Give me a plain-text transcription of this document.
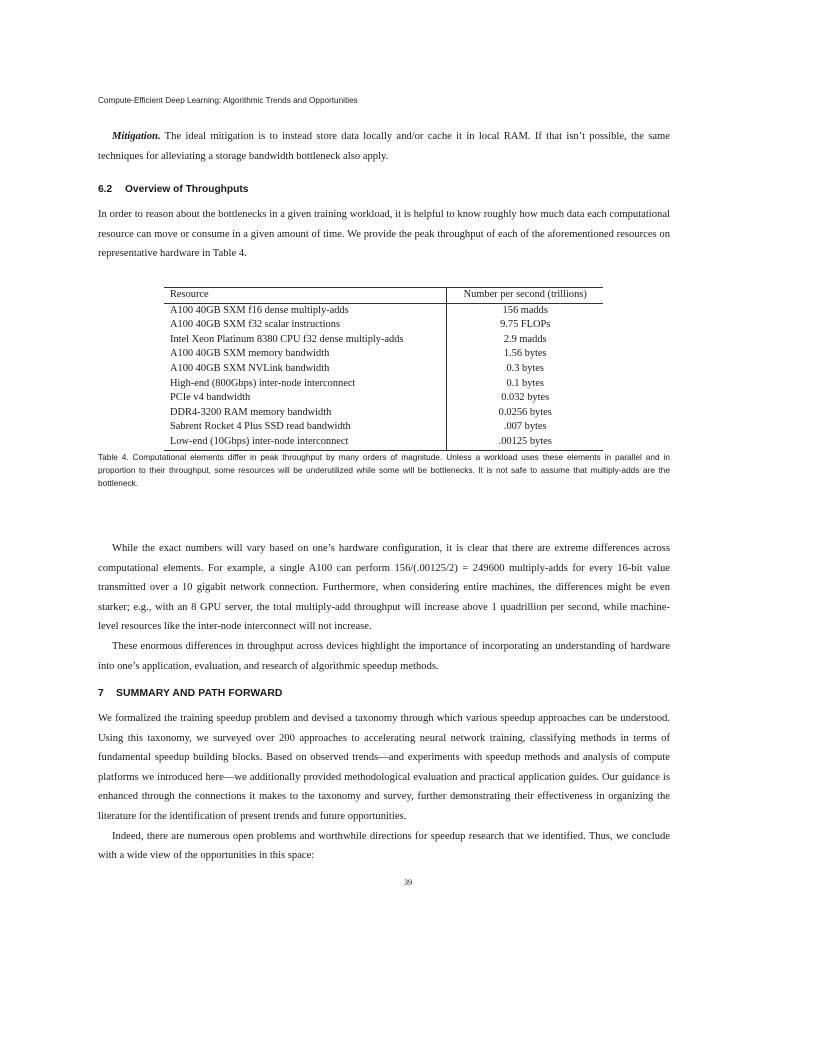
Compute-Efficient Deep Learning: Algorithmic Trends and Opportunities

Mitigation. The ideal mitigation is to instead store data locally and/or cache it in local RAM. If that isn’t possible, the same techniques for alleviating a storage bandwidth bottleneck also apply.

6.2 Overview of Throughputs

In order to reason about the bottlenecks in a given training workload, it is helpful to know roughly how much data each computational resource can move or consume in a given amount of time. We provide the peak throughput of each of the aforementioned resources on representative hardware in Table 4.

Resource	Number per second (trillions)
A100 40GB SXM f16 dense multiply-adds	156 madds
A100 40GB SXM f32 scalar instructions	9.75 FLOPs
Intel Xeon Platinum 8380 CPU f32 dense multiply-adds	2.9 madds
A100 40GB SXM memory bandwidth	1.56 bytes
A100 40GB SXM NVLink bandwidth	0.3 bytes
High-end (800Gbps) inter-node interconnect	0.1 bytes
PCIe v4 bandwidth	0.032 bytes
DDR4-3200 RAM memory bandwidth	0.0256 bytes
Sabrent Rocket 4 Plus SSD read bandwidth	.007 bytes
Low-end (10Gbps) inter-node interconnect	.00125 bytes

Table 4. Computational elements differ in peak throughput by many orders of magnitude. Unless a workload uses these elements in parallel and in proportion to their throughput, some resources will be underutilized while some will be bottlenecks. It is not safe to assume that multiply-adds are the bottleneck.

While the exact numbers will vary based on one’s hardware configuration, it is clear that there are extreme differences across computational elements. For example, a single A100 can perform 156/(.00125/2) = 249600 multiply-adds for every 16-bit value transmitted over a 10 gigabit network connection. Furthermore, when considering entire machines, the differences might be even starker; e.g., with an 8 GPU server, the total multiply-add throughput will increase above 1 quadrillion per second, while machine-level resources like the inter-node interconnect will not increase.

These enormous differences in throughput across devices highlight the importance of incorporating an understanding of hardware into one’s application, evaluation, and research of algorithmic speedup methods.

7 SUMMARY AND PATH FORWARD

We formalized the training speedup problem and devised a taxonomy through which various speedup approaches can be understood. Using this taxonomy, we surveyed over 200 approaches to accelerating neural network training, classifying methods in terms of fundamental speedup building blocks. Based on observed trends—and experiments with speedup methods and analysis of compute platforms we introduced here—we additionally provided methodological evaluation and practical application guides. Our guidance is enhanced through the connections it makes to the taxonomy and survey, further demonstrating their effectiveness in organizing the literature for the identification of present trends and future opportunities.

Indeed, there are numerous open problems and worthwhile directions for speedup research that we identified. Thus, we conclude with a wide view of the opportunities in this space:

39
